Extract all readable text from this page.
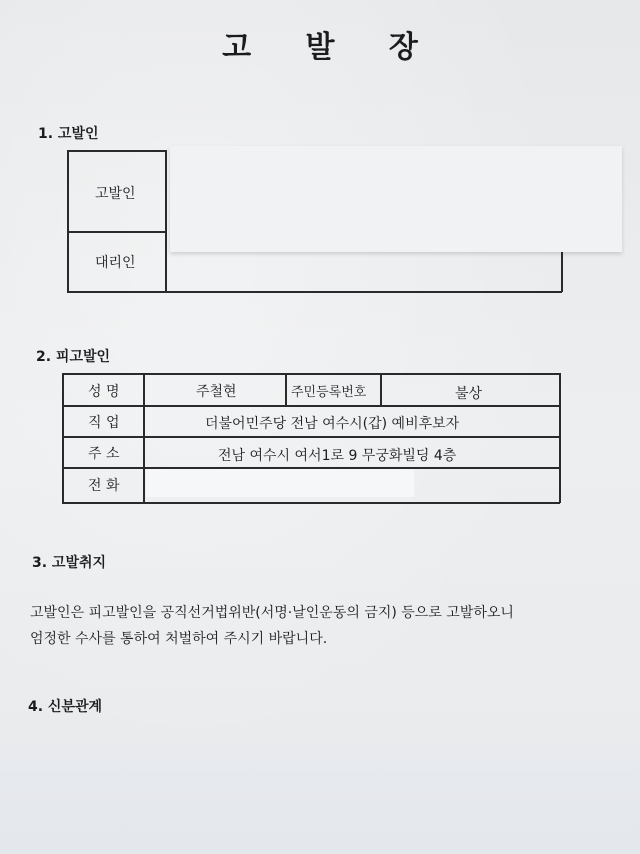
고 발 장
1. 고발인
고발인
대리인
2. 피고발인
성 명	주철현	주민등록번호	불상
직 업	더불어민주당 전남 여수시(갑) 예비후보자
주 소	전남 여수시 여서1로 9 무궁화빌딩 4층
전 화
3. 고발취지
고발인은 피고발인을 공직선거법위반(서명·날인운동의 금지) 등으로 고발하오니
엄정한 수사를 통하여 처벌하여 주시기 바랍니다.
4. 신분관계
